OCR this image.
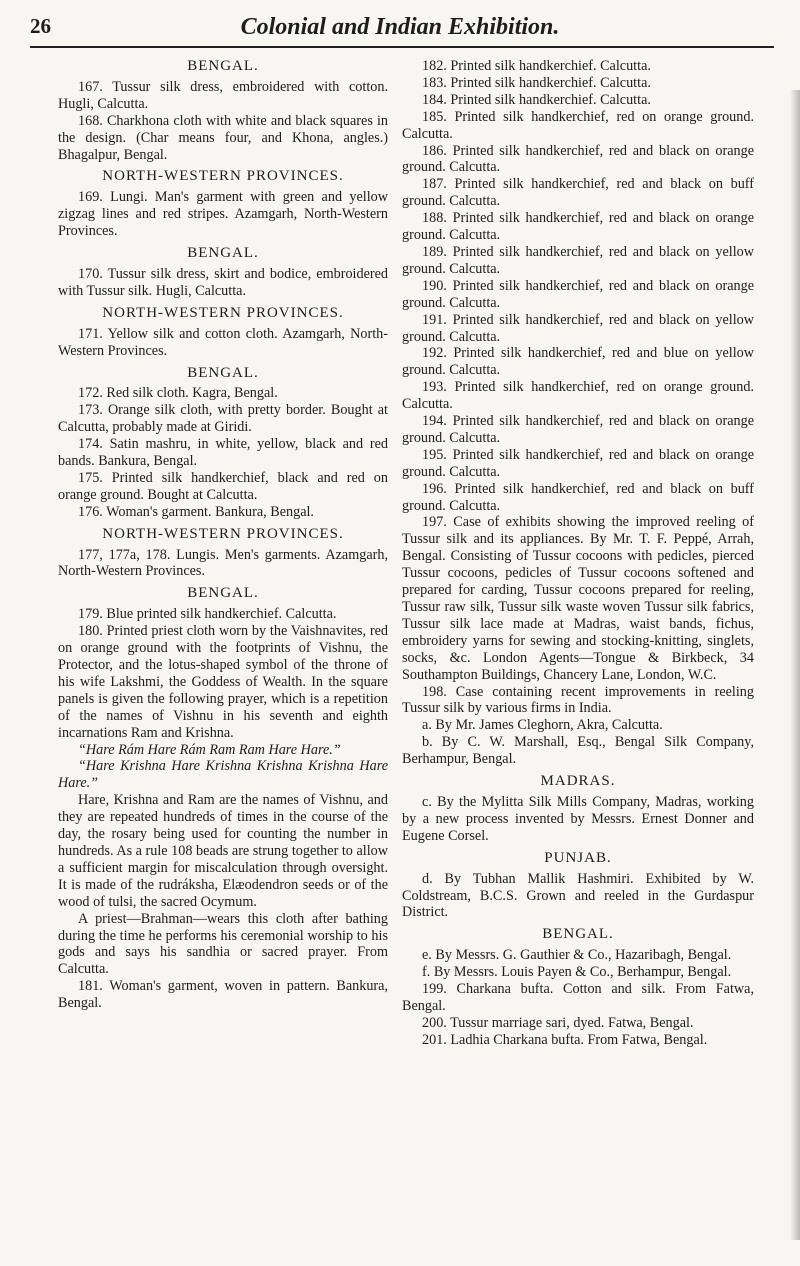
26	Colonial and Indian Exhibition.

BENGAL.

167. Tussur silk dress, embroidered with cotton. Hugli, Calcutta.

168. Charkhona cloth with white and black squares in the design. (Char means four, and Khona, angles.) Bhagalpur, Bengal.

NORTH-WESTERN PROVINCES.

169. Lungi. Man's garment with green and yellow zigzag lines and red stripes. Azamgarh, North-Western Provinces.

BENGAL.

170. Tussur silk dress, skirt and bodice, embroidered with Tussur silk. Hugli, Calcutta.

NORTH-WESTERN PROVINCES.

171. Yellow silk and cotton cloth. Azamgarh, North-Western Provinces.

BENGAL.

172. Red silk cloth. Kagra, Bengal.

173. Orange silk cloth, with pretty border. Bought at Calcutta, probably made at Giridi.

174. Satin mashru, in white, yellow, black and red bands. Bankura, Bengal.

175. Printed silk handkerchief, black and red on orange ground. Bought at Calcutta.

176. Woman's garment. Bankura, Bengal.

NORTH-WESTERN PROVINCES.

177, 177a, 178. Lungis. Men's garments. Azamgarh, North-Western Provinces.

BENGAL.

179. Blue printed silk handkerchief. Calcutta.

180. Printed priest cloth worn by the Vaishnavites, red on orange ground with the footprints of Vishnu, the Protector, and the lotus-shaped symbol of the throne of his wife Lakshmi, the Goddess of Wealth. In the square panels is given the following prayer, which is a repetition of the names of Vishnu in his seventh and eighth incarnations Ram and Krishna.

“Hare Rám Hare Rám Ram Ram Hare Hare.”

“Hare Krishna Hare Krishna Krishna Krishna Hare Hare.”

Hare, Krishna and Ram are the names of Vishnu, and they are repeated hundreds of times in the course of the day, the rosary being used for counting the number in hundreds. As a rule 108 beads are strung together to allow a sufficient margin for miscalculation through oversight. It is made of the rudráksha, Elæodendron seeds or of the wood of tulsi, the sacred Ocymum.

A priest—Brahman—wears this cloth after bathing during the time he performs his ceremonial worship to his gods and says his sandhia or sacred prayer. From Calcutta.

181. Woman's garment, woven in pattern. Bankura, Bengal.

182. Printed silk handkerchief. Calcutta.

183. Printed silk handkerchief. Calcutta.

184. Printed silk handkerchief. Calcutta.

185. Printed silk handkerchief, red on orange ground. Calcutta.

186. Printed silk handkerchief, red and black on orange ground. Calcutta.

187. Printed silk handkerchief, red and black on buff ground. Calcutta.

188. Printed silk handkerchief, red and black on orange ground. Calcutta.

189. Printed silk handkerchief, red and black on yellow ground. Calcutta.

190. Printed silk handkerchief, red and black on orange ground. Calcutta.

191. Printed silk handkerchief, red and black on yellow ground. Calcutta.

192. Printed silk handkerchief, red and blue on yellow ground. Calcutta.

193. Printed silk handkerchief, red on orange ground. Calcutta.

194. Printed silk handkerchief, red and black on orange ground. Calcutta.

195. Printed silk handkerchief, red and black on orange ground. Calcutta.

196. Printed silk handkerchief, red and black on buff ground. Calcutta.

197. Case of exhibits showing the improved reeling of Tussur silk and its appliances. By Mr. T. F. Peppé, Arrah, Bengal. Consisting of Tussur cocoons with pedicles, pierced Tussur cocoons, pedicles of Tussur cocoons softened and prepared for carding, Tussur cocoons prepared for reeling, Tussur raw silk, Tussur silk waste woven Tussur silk fabrics, Tussur silk lace made at Madras, waist bands, fichus, embroidery yarns for sewing and stocking-knitting, singlets, socks, &c. London Agents—Tongue & Birkbeck, 34 Southampton Buildings, Chancery Lane, London, W.C.

198. Case containing recent improvements in reeling Tussur silk by various firms in India.

a. By Mr. James Cleghorn, Akra, Calcutta.

b. By C. W. Marshall, Esq., Bengal Silk Company, Berhampur, Bengal.

MADRAS.

c. By the Mylitta Silk Mills Company, Madras, working by a new process invented by Messrs. Ernest Donner and Eugene Corsel.

PUNJAB.

d. By Tubhan Mallik Hashmiri. Exhibited by W. Coldstream, B.C.S. Grown and reeled in the Gurdaspur District.

BENGAL.

e. By Messrs. G. Gauthier & Co., Hazaribagh, Bengal.

f. By Messrs. Louis Payen & Co., Berhampur, Bengal.

199. Charkana bufta. Cotton and silk. From Fatwa, Bengal.

200. Tussur marriage sari, dyed. Fatwa, Bengal.

201. Ladhia Charkana bufta. From Fatwa, Bengal.
